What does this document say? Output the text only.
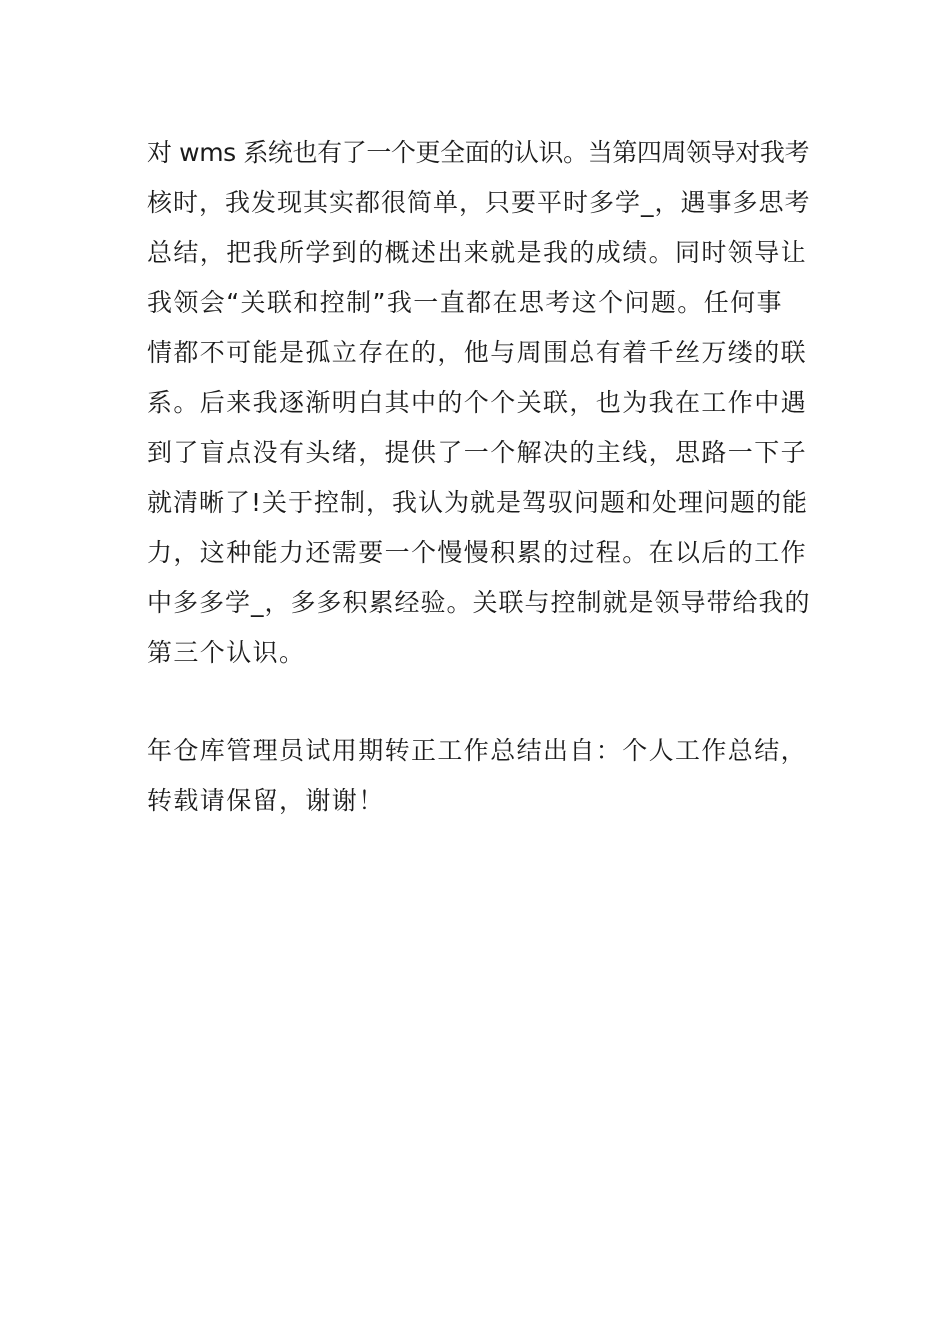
对 wms 系统也有了一个更全面的认识。当第四周领导对我考
核时，我发现其实都很简单，只要平时多学_，遇事多思考
总结，把我所学到的概述出来就是我的成绩。同时领导让
我领会“关联和控制”我一直都在思考这个问题。任何事
情都不可能是孤立存在的，他与周围总有着千丝万缕的联
系。后来我逐渐明白其中的个个关联，也为我在工作中遇
到了盲点没有头绪，提供了一个解决的主线，思路一下子
就清晰了!关于控制，我认为就是驾驭问题和处理问题的能
力，这种能力还需要一个慢慢积累的过程。在以后的工作
中多多学_，多多积累经验。关联与控制就是领导带给我的
第三个认识。
年仓库管理员试用期转正工作总结出自：个人工作总结，
转载请保留，谢谢！
